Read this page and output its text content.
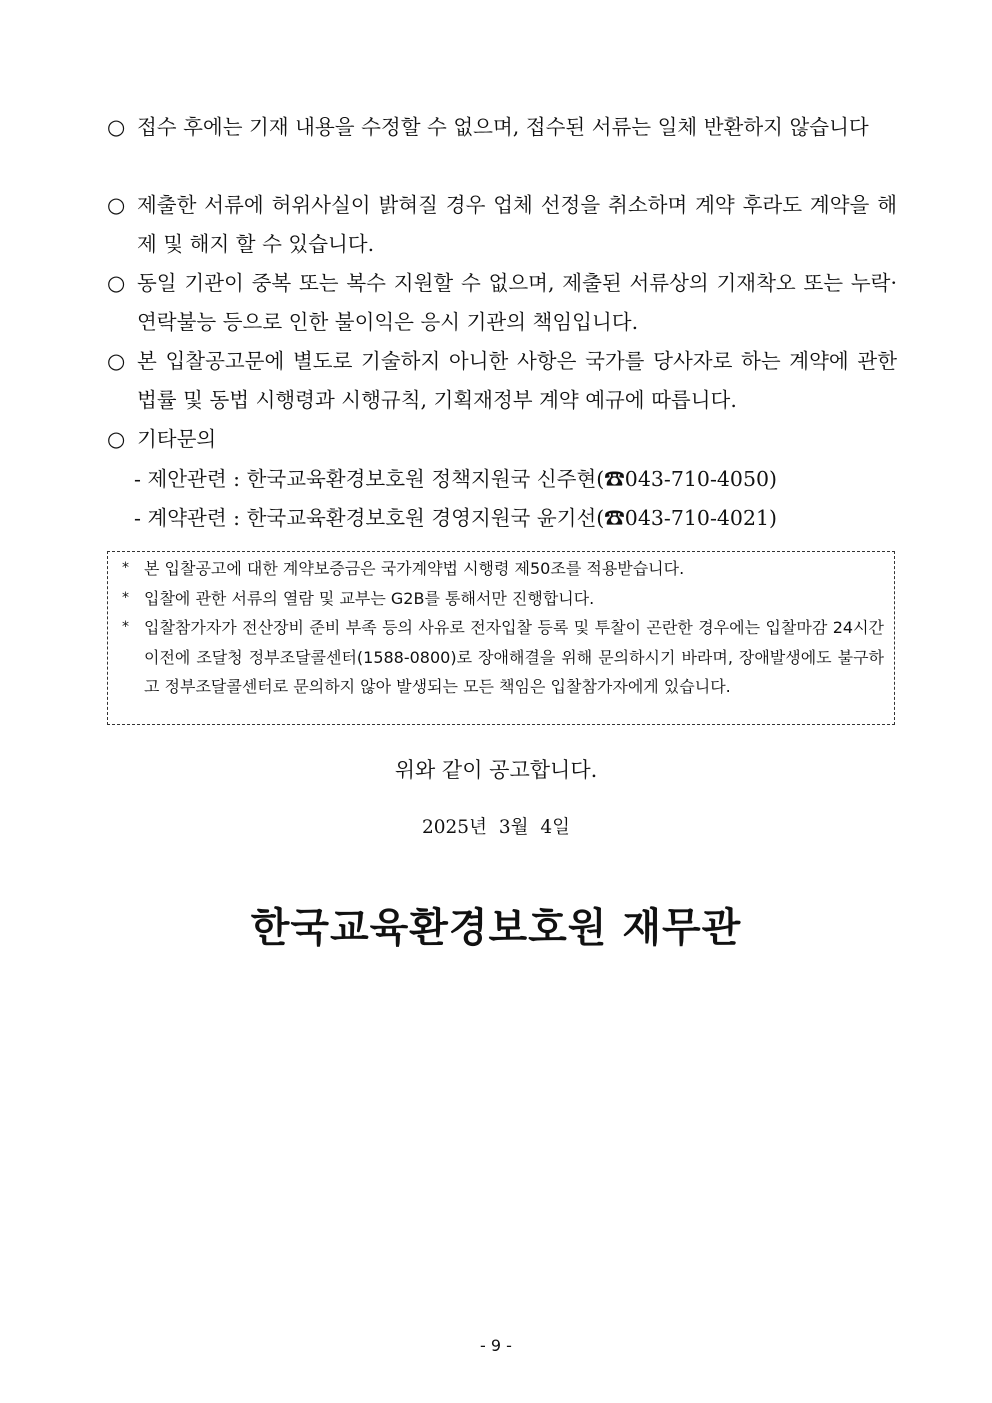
○ 접수 후에는 기재 내용을 수정할 수 없으며, 접수된 서류는 일체 반환하지 않습니다
○ 제출한 서류에 허위사실이 밝혀질 경우 업체 선정을 취소하며 계약 후라도 계약을 해제 및 해지 할 수 있습니다.
○ 동일 기관이 중복 또는 복수 지원할 수 없으며, 제출된 서류상의 기재착오 또는 누락·연락불능 등으로 인한 불이익은 응시 기관의 책임입니다.
○ 본 입찰공고문에 별도로 기술하지 아니한 사항은 국가를 당사자로 하는 계약에 관한 법률 및 동법 시행령과 시행규칙, 기획재정부 계약 예규에 따릅니다.
○ 기타문의
- 제안관련 : 한국교육환경보호원 정책지원국 신주현(☎043-710-4050)
- 계약관련 : 한국교육환경보호원 경영지원국 윤기선(☎043-710-4021)
* 본 입찰공고에 대한 계약보증금은 국가계약법 시행령 제50조를 적용받습니다.
* 입찰에 관한 서류의 열람 및 교부는 G2B를 통해서만 진행합니다.
* 입찰참가자가 전산장비 준비 부족 등의 사유로 전자입찰 등록 및 투찰이 곤란한 경우에는 입찰마감 24시간 이전에 조달청 정부조달콜센터(1588-0800)로 장애해결을 위해 문의하시기 바라며, 장애발생에도 불구하고 정부조달콜센터로 문의하지 않아 발생되는 모든 책임은 입찰참가자에게 있습니다.
위와 같이 공고합니다.
2025년 3월 4일
한국교육환경보호원 재무관
- 9 -
